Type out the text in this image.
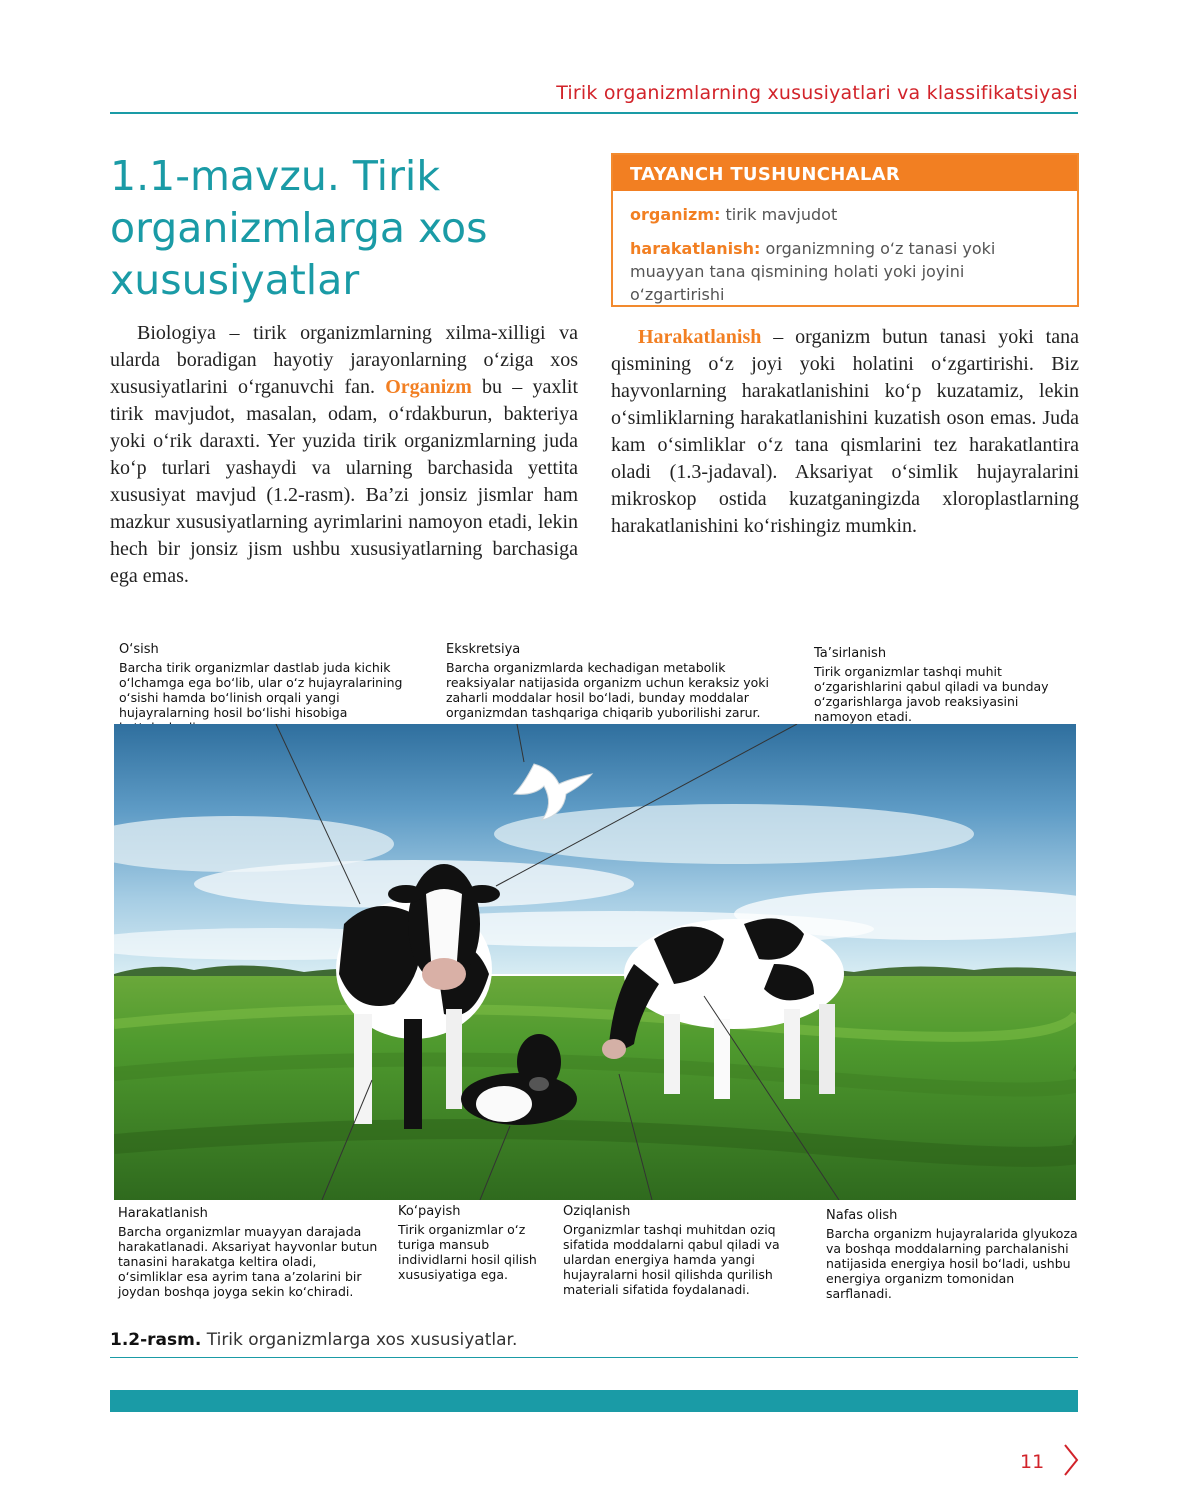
Tirik organizmlarning xususiyatlari va klassifikatsiyasi
1.1-mavzu. Tirik organizmlarga xos xususiyatlar
TAYANCH TUSHUNCHALAR

organizm: tirik mavjudot

harakatlanish: organizmning o‘z tanasi yoki muayyan tana qismining holati yoki joyini o‘zgartirishi

Biologiya – tirik organizmlarning xilma-xilligi va ularda boradigan hayotiy jarayonlarning o‘ziga xos xususiyatlarini o‘rganuvchi fan. Organizm bu – yaxlit tirik mavjudot, masalan, odam, o‘rdakburun, bakteriya yoki o‘rik daraxti. Yer yuzida tirik organizmlarning juda ko‘p turlari yashaydi va ularning barchasida yettita xususiyat mavjud (1.2-rasm). Ba’zi jonsiz jismlar ham mazkur xususiyatlarning ayrimlarini namoyon etadi, lekin hech bir jonsiz jism ushbu xususiyatlarning barchasiga ega emas.
Harakatlanish – organizm butun tanasi yoki tana qismining o‘z joyi yoki holatini o‘zgartirishi. Biz hayvonlarning harakatlanishini ko‘p kuzatamiz, lekin o‘simliklarning harakatlanishini kuzatish oson emas. Juda kam o‘simliklar o‘z tana qismlarini tez harakatlantira oladi (1.3-jadaval). Aksariyat o‘simlik hujayralarini mikroskop ostida kuzatganingizda xloroplastlarning harakatlanishini ko‘rishingiz mumkin.
O‘sish
Barcha tirik organizmlar dastlab juda kichik o‘lchamga ega bo‘lib, ular o‘z hujayralarining o‘sishi hamda bo‘linish orqali yangi hujayralarning hosil bo‘lishi hisobiga
Ekskretsiya
Barcha organizmlarda kechadigan metabolik reaksiyalar natijasida organizm uchun keraksiz yoki zaharli moddalar hosil bo‘ladi, bunday moddalar organizmdan tashqariga chiqarib yuborilishi zarur.
Ta’sirlanish
Tirik organizmlar tashqi muhit o‘zgarishlarini qabul qiladi va bunday o‘zgarishlarga javob reaksiyasini namoyon etadi.
Harakatlanish
Barcha organizmlar muayyan darajada harakatlanadi. Aksariyat hayvonlar butun tanasini harakatga keltira oladi, o‘simliklar esa ayrim tana a’zolarini bir joydan boshqa joyga sekin ko‘chiradi.
Ko‘payish
Tirik organizmlar o‘z turiga mansub individlarni hosil qilish xususiyatiga ega.
Oziqlanish
Organizmlar tashqi muhitdan oziq sifatida moddalarni qabul qiladi va ulardan energiya hamda yangi hujayralarni hosil qilishda qurilish materiali sifatida foydalanadi.
Nafas olish
Barcha organizm hujayralarida glyukoza va boshqa moddalarning parchalanishi natijasida energiya hosil bo‘ladi, ushbu energiya organizm tomonidan sarflanadi.
1.2-rasm. Tirik organizmlarga xos xususiyatlar.
11
